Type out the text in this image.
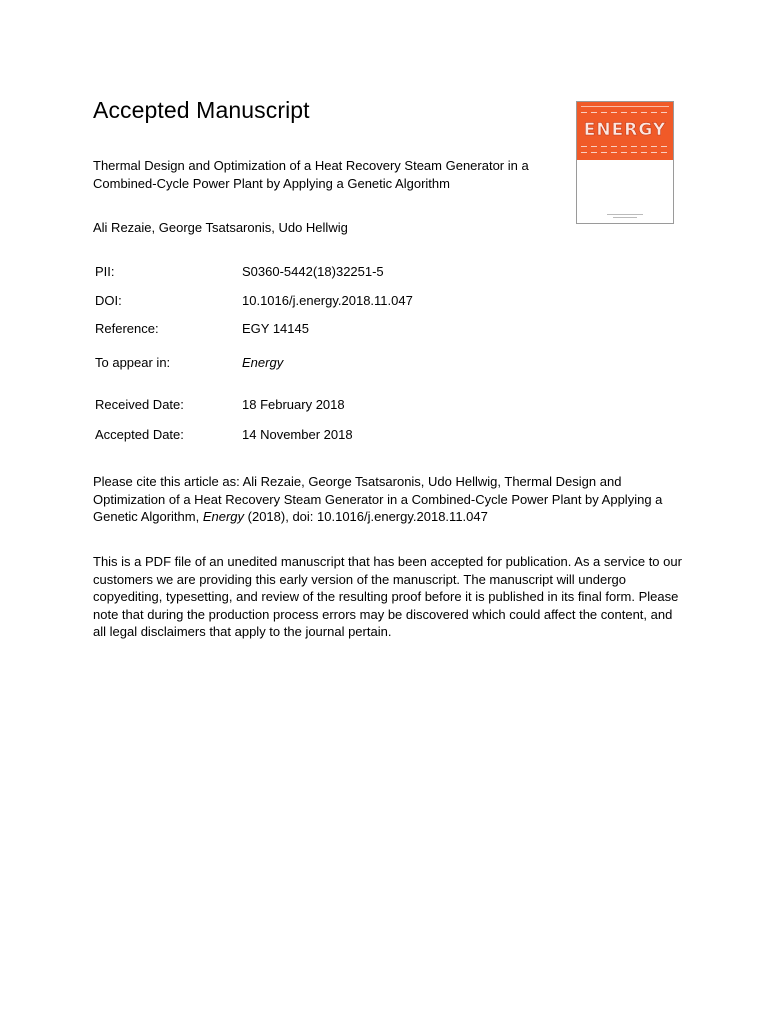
Accepted Manuscript

Thermal Design and Optimization of a Heat Recovery Steam Generator in a Combined-Cycle Power Plant by Applying a Genetic Algorithm

Ali Rezaie, George Tsatsaronis, Udo Hellwig
ENERGY
PII:	S0360-5442(18)32251-5
DOI:	10.1016/j.energy.2018.11.047
Reference:	EGY 14145
To appear in:	Energy
Received Date:	18 February 2018
Accepted Date:	14 November 2018

Please cite this article as: Ali Rezaie, George Tsatsaronis, Udo Hellwig, Thermal Design and Optimization of a Heat Recovery Steam Generator in a Combined-Cycle Power Plant by Applying a Genetic Algorithm, Energy (2018), doi: 10.1016/j.energy.2018.11.047

This is a PDF file of an unedited manuscript that has been accepted for publication. As a service to our customers we are providing this early version of the manuscript. The manuscript will undergo copyediting, typesetting, and review of the resulting proof before it is published in its final form. Please note that during the production process errors may be discovered which could affect the content, and all legal disclaimers that apply to the journal pertain.
